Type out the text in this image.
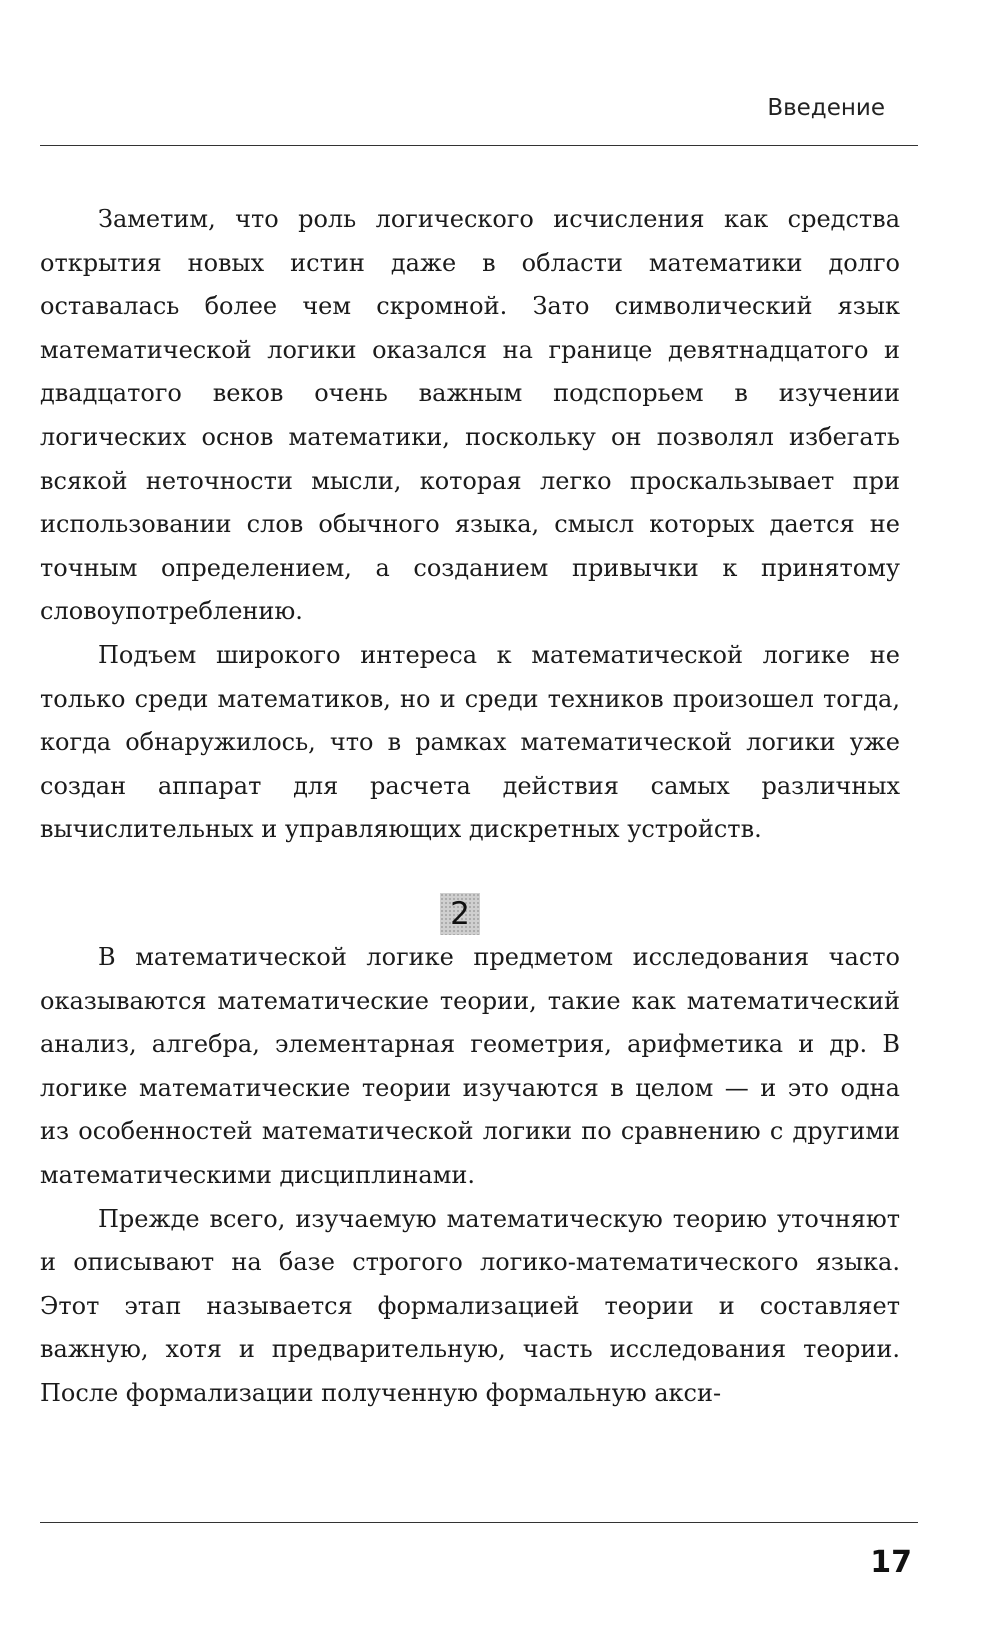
Введение

Заметим, что роль логического исчисления как средства открытия новых истин даже в области математики долго оставалась более чем скромной. Зато символический язык математической логики оказался на границе девятнадцатого и двадцатого веков очень важным подспорьем в изучении логических основ математики, поскольку он позволял избегать всякой неточности мысли, которая легко проскальзывает при использовании слов обычного языка, смысл которых дается не точным определением, а созданием привычки к принятому словоупотреблению.

Подъем широкого интереса к математической логике не только среди математиков, но и среди техников произошел тогда, когда обнаружилось, что в рамках математической логики уже создан аппарат для расчета действия самых различных вычислительных и управляющих дискретных устройств.

2

В математической логике предметом исследования часто оказываются математические теории, такие как математический анализ, алгебра, элементарная геометрия, арифметика и др. В логике математические теории изучаются в целом — и это одна из особенностей математической логики по сравнению с другими математическими дисциплинами.

Прежде всего, изучаемую математическую теорию уточняют и описывают на базе строгого логико-математического языка. Этот этап называется формализацией теории и составляет важную, хотя и предварительную, часть исследования теории. После формализации полученную формальную акси-

17
